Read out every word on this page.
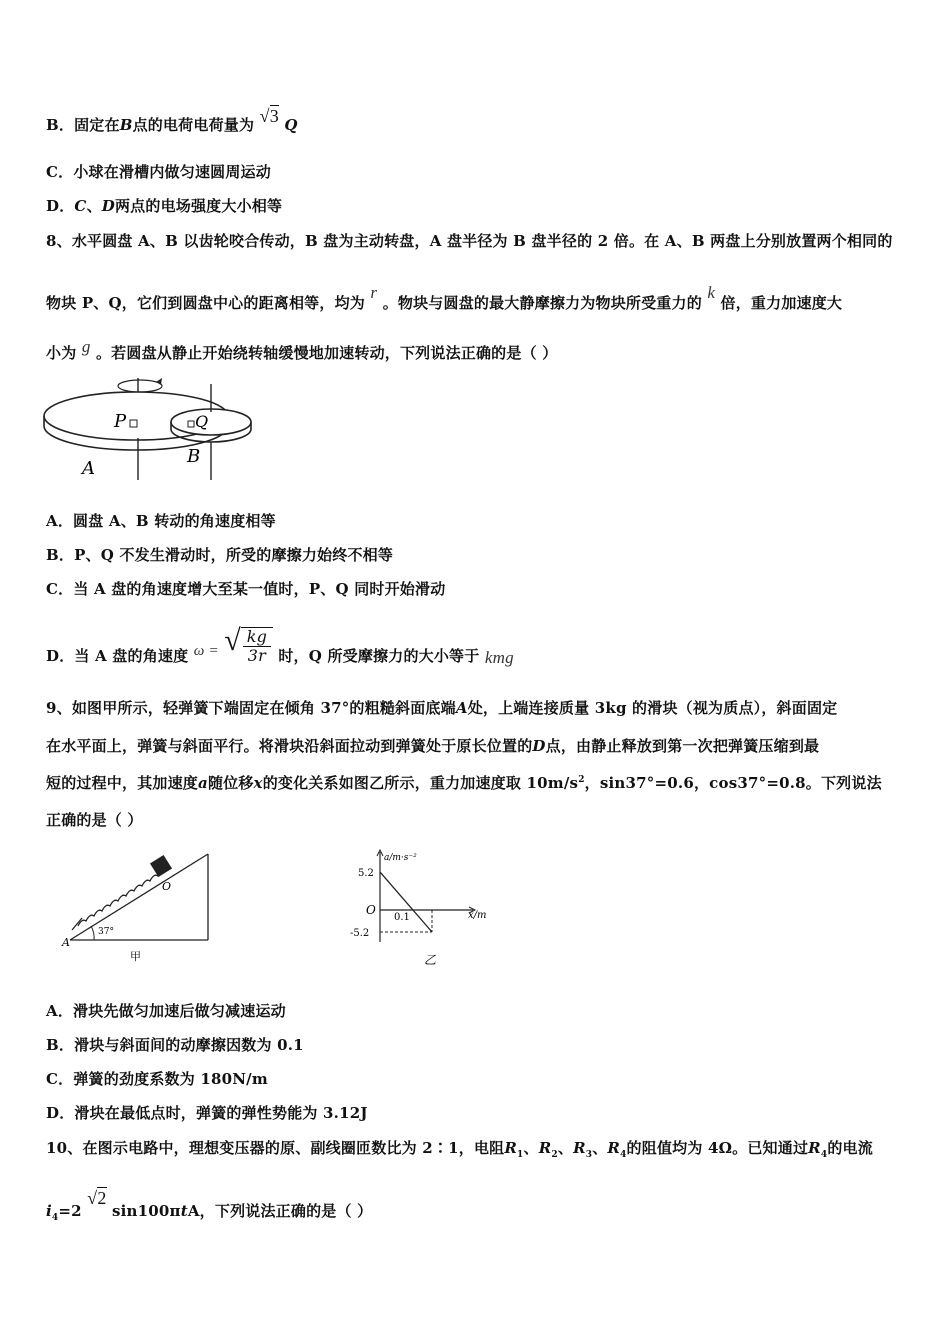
B．固定在B点的电荷电荷量为 √3 Q
C．小球在滑槽内做匀速圆周运动
D．C、D两点的电场强度大小相等
8、水平圆盘 A、B 以齿轮咬合传动，B 盘为主动转盘，A 盘半径为 B 盘半径的 2 倍。在 A、B 两盘上分别放置两个相同的
物块 P、Q，它们到圆盘中心的距离相等，均为 r 。物块与圆盘的最大静摩擦力为物块所受重力的 k 倍，重力加速度大
小为 g 。若圆盘从静止开始绕转轴缓慢地加速转动，下列说法正确的是（ ）
P	Q
A
B
A．圆盘 A、B 转动的角速度相等
B．P、Q 不发生滑动时，所受的摩擦力始终不相等
C．当 A 盘的角速度增大至某一值时，P、Q 同时开始滑动
D．当 A 盘的角速度 ω = √ $\frac{kg}{3r}$ 时，Q 所受摩擦力的大小等于 kmg
9、如图甲所示，轻弹簧下端固定在倾角 37°的粗糙斜面底端A处，上端连接质量 3kg 的滑块（视为质点），斜面固定
在水平面上，弹簧与斜面平行。将滑块沿斜面拉动到弹簧处于原长位置的D点，由静止释放到第一次把弹簧压缩到最
短的过程中，其加速度a随位移x的变化关系如图乙所示，重力加速度取 $10m/s^2$，sin37°=0.6，cos37°=0.8。下列说法
正确的是（ ）
O
A
37°
甲
a/m·s⁻²
5.2
O
0.1	x/m
-5.2
乙
A．滑块先做匀加速后做匀减速运动
B．滑块与斜面间的动摩擦因数为 0.1
C．弹簧的劲度系数为 180N/m
D．滑块在最低点时，弹簧的弹性势能为 3.12J
10、在图示电路中，理想变压器的原、副线圈匝数比为 2∶1，电阻$R_1$、$R_2$、$R_3$、$R_4$的阻值均为 4Ω。已知通过$R_4$的电流
$i_4=2$ √2 sin100πtA，下列说法正确的是（ ）
